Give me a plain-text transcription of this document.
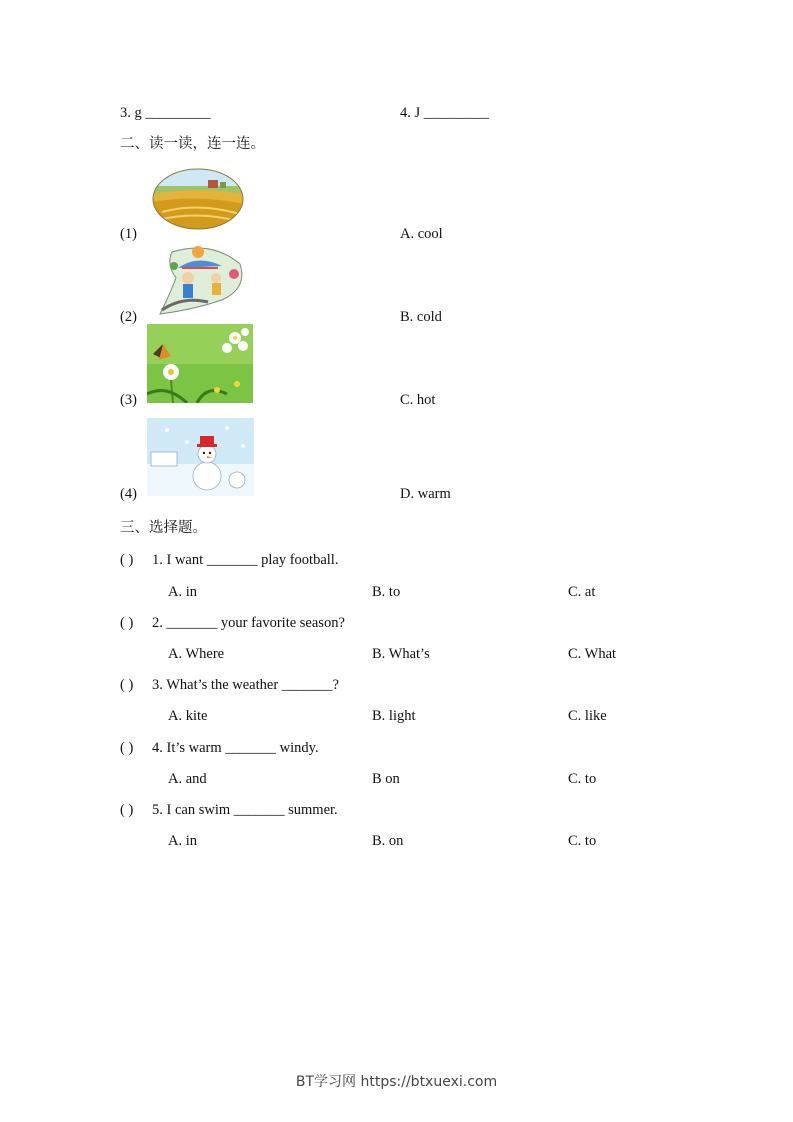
3. g _________	4. J _________
二、读一读，连一连。
(1)	A. cool
(2)	B. cold
(3)	C. hot
(4)	D. warm
三、选择题。
( ) 1. I want _______ play football.
A. in	B. to	C. at
( ) 2. _______ your favorite season?
A. Where	B. What’s	C. What
( ) 3. What’s the weather _______?
A. kite	B. light	C. like
( ) 4. It’s warm _______ windy.
A. and	B on	C. to
( ) 5. I can swim _______ summer.
A. in	B. on	C. to
BT学习网 https://btxuexi.com
